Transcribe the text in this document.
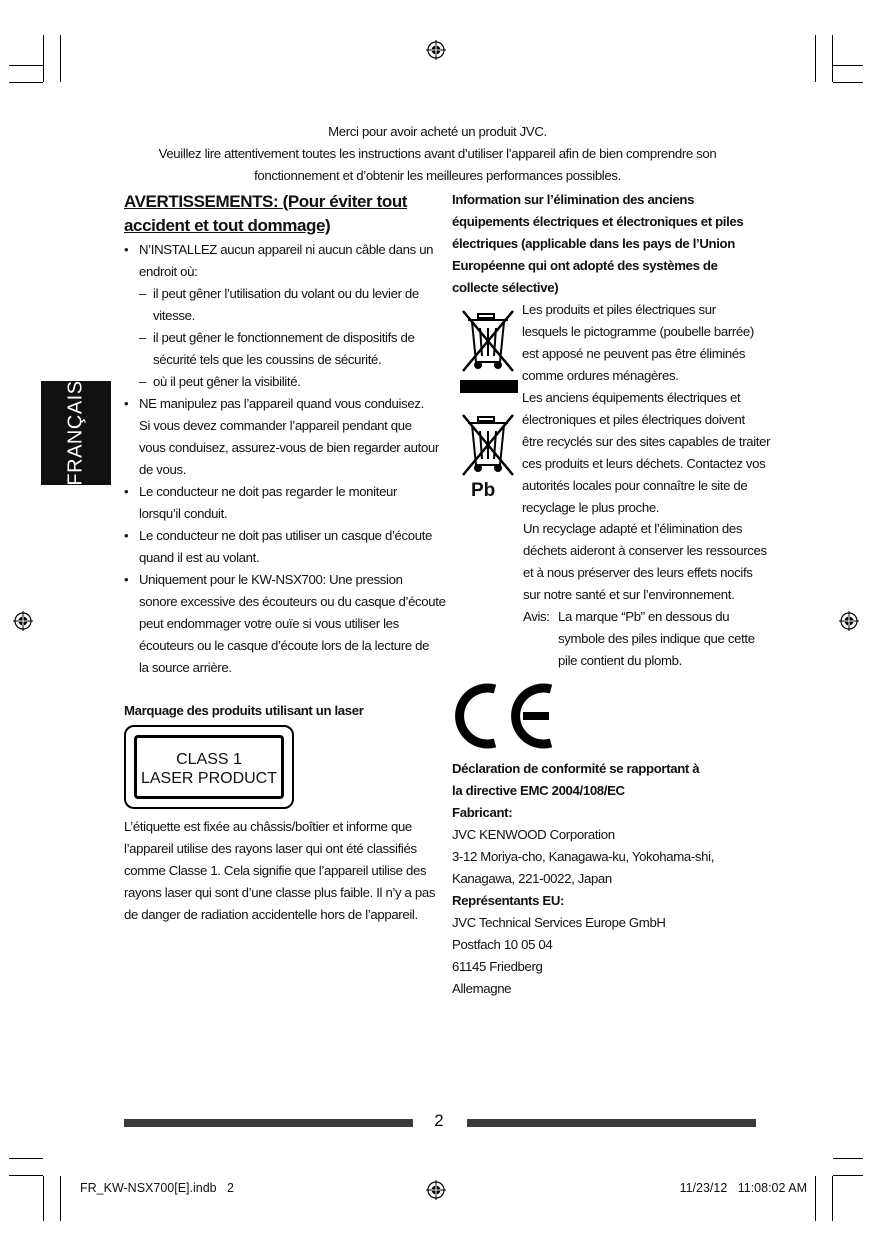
Merci pour avoir acheté un produit JVC.
Veuillez lire attentivement toutes les instructions avant d’utiliser l’appareil afin de bien comprendre son
fonctionnement et d’obtenir les meilleures performances possibles.
FRANÇAIS
AVERTISSEMENTS: (Pour éviter tout
accident et tout dommage)
• N’INSTALLEZ aucun appareil ni aucun câble dans un
endroit où:
– il peut gêner l’utilisation du volant ou du levier de
vitesse.
– il peut gêner le fonctionnement de dispositifs de
sécurité tels que les coussins de sécurité.
– où il peut gêner la visibilité.
• NE manipulez pas l’appareil quand vous conduisez.
Si vous devez commander l’appareil pendant que
vous conduisez, assurez-vous de bien regarder autour
de vous.
• Le conducteur ne doit pas regarder le moniteur
lorsqu’il conduit.
• Le conducteur ne doit pas utiliser un casque d’écoute
quand il est au volant.
• Uniquement pour le KW-NSX700: Une pression
sonore excessive des écouteurs ou du casque d’écoute
peut endommager votre ouïe si vous utiliser les
écouteurs ou le casque d’écoute lors de la lecture de
la source arrière.
Marquage des produits utilisant un laser
CLASS 1
LASER PRODUCT
L’étiquette est fixée au châssis/boîtier et informe que
l’appareil utilise des rayons laser qui ont été classifiés
comme Classe 1. Cela signifie que l’appareil utilise des
rayons laser qui sont d’une classe plus faible. Il n’y a pas
de danger de radiation accidentelle hors de l’appareil.
Information sur l’élimination des anciens
équipements électriques et électroniques et piles
électriques (applicable dans les pays de l’Union
Européenne qui ont adopté des systèmes de
collecte sélective)
Pb
Les produits et piles électriques sur
lesquels le pictogramme (poubelle barrée)
est apposé ne peuvent pas être éliminés
comme ordures ménagères.
Les anciens équipements électriques et
électroniques et piles électriques doivent
être recyclés sur des sites capables de traiter
ces produits et leurs déchets. Contactez vos
autorités locales pour connaître le site de
recyclage le plus proche.
Un recyclage adapté et l’élimination des
déchets aideront à conserver les ressources
et à nous préserver des leurs effets nocifs
sur notre santé et sur l’environnement.
Avis: La marque “Pb” en dessous du
symbole des piles indique que cette
pile contient du plomb.
Déclaration de conformité se rapportant à
la directive EMC 2004/108/EC
Fabricant:
JVC KENWOOD Corporation
3-12 Moriya-cho, Kanagawa-ku, Yokohama-shi,
Kanagawa, 221-0022, Japan
Représentants EU:
JVC Technical Services Europe GmbH
Postfach 10 05 04
61145 Friedberg
Allemagne
2
FR_KW-NSX700[E].indb   2	11/23/12   11:08:02 AM
